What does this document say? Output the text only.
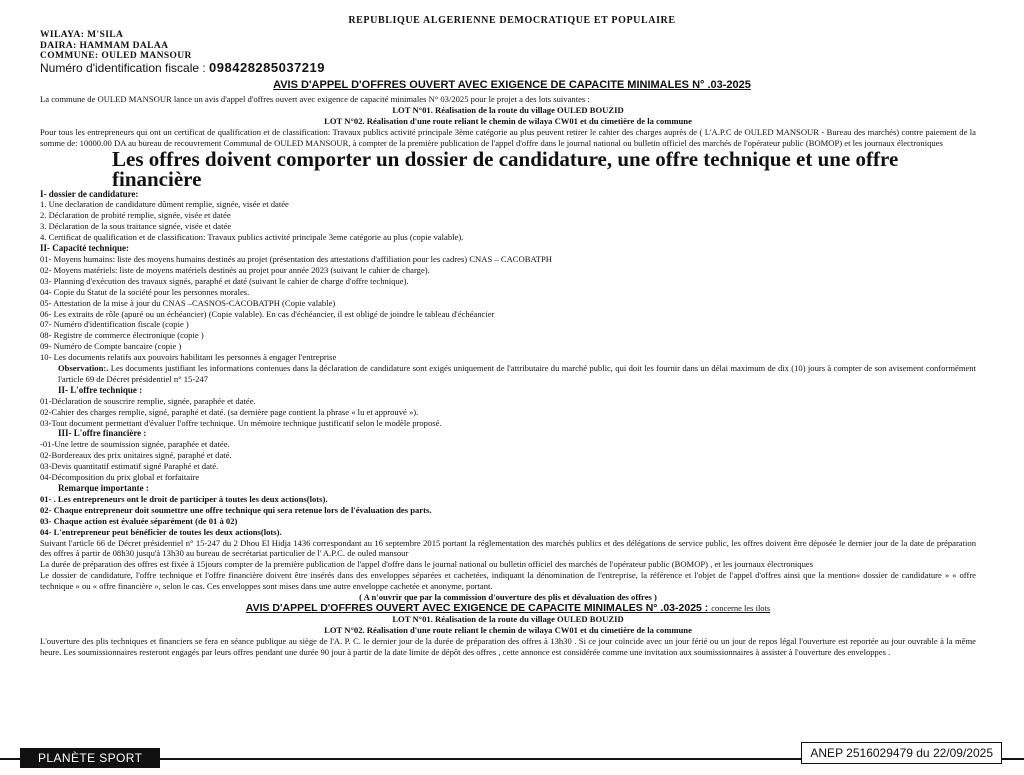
REPUBLIQUE ALGERIENNE DEMOCRATIQUE ET POPULAIRE
WILAYA: M'SILA
DAIRA: HAMMAM DALAA
COMMUNE: OULED MANSOUR
Numéro d'identification fiscale : 098428285037219
AVIS D'APPEL D'OFFRES OUVERT AVEC EXIGENCE DE CAPACITE MINIMALES N° .03-2025

La commune de OULED MANSOUR lance un avis d'appel d'offres ouvert avec exigence de capacité minimales N° 03/2025 pour le projet a des lots suivantes :

LOT N°01. Réalisation de la route du village OULED BOUZID

LOT N°02. Réalisation d'une route reliant le chemin de wilaya CW01 et du cimetière de la commune

Pour tous les entrepreneurs qui ont un certificat de qualification et de classification: Travaux publics activité principale 3ème catégorie au plus peuvent retirer le cahier des charges auprès de ( L'A.P.C de OULED MANSOUR - Bureau des marchés) contre paiement de la somme de: 10000.00 DA au bureau de recouvrement Communal de OULED MANSOUR, à compter de la première publication de l'appel d'offre dans le journal national ou bulletin officiel des marchés de l'opérateur public (BOMOP) et les journaux électroniques

Les offres doivent comporter un dossier de candidature, une offre technique et une offre financière

I- dossier de candidature:

1. Une declaration de candidature dûment remplie, signée, visée et datée

2. Déclaration de probité remplie, signée, visée et datée

3. Déclaration de la sous traitance signée, visée et datée

4. Certificat de qualification et de classification: Travaux publics activité principale 3eme catégorie au plus (copie valable).

II- Capacité technique:

01- Moyens humains: liste des moyens humains destinés au projet (présentation des attestations d'affiliation pour les cadres) CNAS – CACOBATPH

02- Moyens matériels: liste de moyens matériels destinés au projet pour année 2023 (suivant le cahier de charge).

03- Planning d'exécution des travaux signés, paraphé et daté (suivant le cahier de charge d'offre technique).

04- Copie du Statut de la société pour les personnes morales.

05- Attestation de la mise à jour du CNAS –CASNOS-CACOBATPH (Copie valable)

06- Les extraits de rôle (apuré ou un échéancier) (Copie valable). En cas d'échéancier, il est obligé de joindre le tableau d'échéancier

07- Numéro d'identification fiscale (copie )

08- Registre de commerce électronique (copie )

09- Numéro de Compte bancaire (copie )

10- Les documents relatifs aux pouvoirs habilitant les personnes à engager l'entreprise

Observation:. Les documents justifiant les informations contenues dans la déclaration de candidature sont exigés uniquement de l'attributaire du marché public, qui doit les fournir dans un délai maximum de dix (10) jours à compter de son avisement conformément l'article 69 de Décret présidentiel n° 15-247

II- L'offre technique :

01-Déclaration de souscrire remplie, signée, paraphée et datée.

02-Cahier des charges remplie, signé, paraphé et daté. (sa dernière page contient la phrase « lu et approuvé »).

03-Tout document permettant d'évaluer l'offre technique. Un mémoire technique justificatif selon le modèle proposé.

III- L'offre financière :

-01-Une lettre de soumission signée, paraphée et datée.

02-Bordereaux des prix unitaires signé, paraphé et daté.

03-Devis quantitatif estimatif signé Paraphé et daté.

04-Décomposition du prix global et forfaitaire

Remarque importante :

01- . Les entrepreneurs ont le droit de participer à toutes les deux actions(lots).

02- Chaque entrepreneur doit soumettre une offre technique qui sera retenue lors de l'évaluation des parts.

03- Chaque action est évaluée séparément (de 01 à 02)

04- L'entrepreneur peut bénéficier de toutes les deux actions(lots).

Suivant l'article 66 de Décret présidentiel n° 15-247 du 2 Dhou El Hidja 1436 correspondant au 16 septembre 2015 portant la réglementation des marchés publics et des délégations de service public, les offres doivent être déposée le dernier jour de la date de préparation des offres à partir de 08h30 jusqu'à 13h30 au bureau de secrétariat particulier de l' A.P.C. de ouled mansour

La durée de préparation des offres est fixée à 15jours compter de la première publication de l'appel d'offre dans le journal national ou bulletin officiel des marchés de l'opérateur public (BOMOP) , et les journaux électroniques

Le dossier de candidature, l'offre technique et l'offre financière doivent être insérés dans des enveloppes séparées et cachetées, indiquant la dénomination de l'entreprise, la référence et l'objet de l'appel d'offres ainsi que la mention« dossier de candidature » « offre technique » ou « offre financière », selon le cas. Ces enveloppes sont mises dans une autre enveloppe cachetée et anonyme, portant.

( A n'ouvrir que par la commission d'ouverture des plis et dévaluation des offres )

AVIS D'APPEL D'OFFRES OUVERT AVEC EXIGENCE DE CAPACITE MINIMALES N° .03-2025 : concerne les ilots

LOT N°01. Réalisation de la route du village OULED BOUZID

LOT N°02. Réalisation d'une route reliant le chemin de wilaya CW01 et du cimetière de la commune

L'ouverture des plis techniques et financiers se fera en séance publique au siège de l'A. P. C. le dernier jour de la durée de préparation des offres à 13h30 . Si ce jour coïncide avec un jour férié ou un jour de repos légal l'ouverture est reportée au jour ouvrable à la même heure. Les soumissionnaires resteront engagés par leurs offres pendant une durée 90 jour à partir de la date limite de dépôt des offres , cette annonce est considérée comme une invitation aux soumissionnaires à assister à l'ouverture des enveloppes .

PLANÈTE SPORT	ANEP 2516029479 du 22/09/2025
